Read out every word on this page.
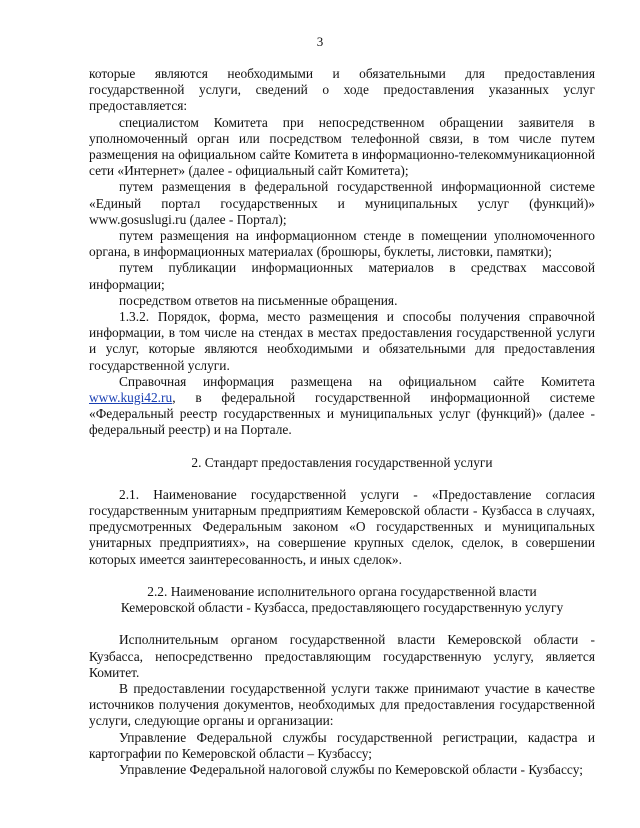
3

которые являются необходимыми и обязательными для предоставления государственной услуги, сведений о ходе предоставления указанных услуг предоставляется:

специалистом Комитета при непосредственном обращении заявителя в уполномоченный орган или посредством телефонной связи, в том числе путем размещения на официальном сайте Комитета в информационно-телекоммуникационной сети «Интернет» (далее - официальный сайт Комитета);

путем размещения в федеральной государственной информационной системе «Единый портал государственных и муниципальных услуг (функций)» www.gosuslugi.ru (далее - Портал);

путем размещения на информационном стенде в помещении уполномоченного органа, в информационных материалах (брошюры, буклеты, листовки, памятки);

путем публикации информационных материалов в средствах массовой информации;

посредством ответов на письменные обращения.

1.3.2. Порядок, форма, место размещения и способы получения справочной информации, в том числе на стендах в местах предоставления государственной услуги и услуг, которые являются необходимыми и обязательными для предоставления государственной услуги.

Справочная информация размещена на официальном сайте Комитета www.kugi42.ru, в федеральной государственной информационной системе «Федеральный реестр государственных и муниципальных услуг (функций)» (далее - федеральный реестр) и на Портале.

2. Стандарт предоставления государственной услуги

2.1. Наименование государственной услуги - «Предоставление согласия государственным унитарным предприятиям Кемеровской области - Кузбасса в случаях, предусмотренных Федеральным законом «О государственных и муниципальных унитарных предприятиях», на совершение крупных сделок, сделок, в совершении которых имеется заинтересованность, и иных сделок».

2.2. Наименование исполнительного органа государственной власти

Кемеровской области - Кузбасса, предоставляющего государственную услугу

Исполнительным органом государственной власти Кемеровской области - Кузбасса, непосредственно предоставляющим государственную услугу, является Комитет.

В предоставлении государственной услуги также принимают участие в качестве источников получения документов, необходимых для предоставления государственной услуги, следующие органы и организации:

Управление Федеральной службы государственной регистрации, кадастра и картографии по Кемеровской области – Кузбассу;

Управление Федеральной налоговой службы по Кемеровской области - Кузбассу;
